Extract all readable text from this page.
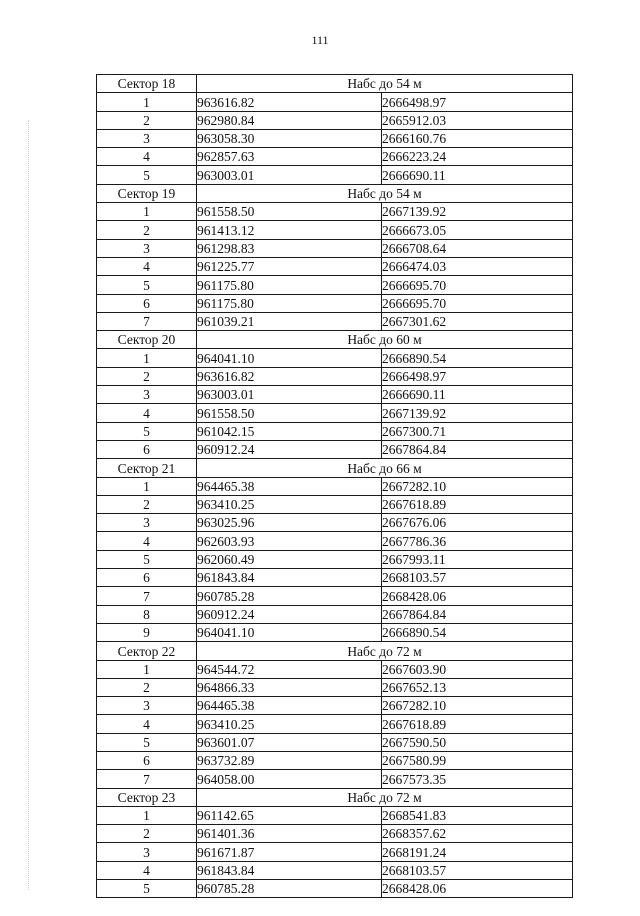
111
Сектор 18	Набс до 54 м	
1	963616.82	2666498.97
2	962980.84	2665912.03
3	963058.30	2666160.76
4	962857.63	2666223.24
5	963003.01	2666690.11
Сектор 19	Набс до 54 м	
1	961558.50	2667139.92
2	961413.12	2666673.05
3	961298.83	2666708.64
4	961225.77	2666474.03
5	961175.80	2666695.70
6	961175.80	2666695.70
7	961039.21	2667301.62
Сектор 20	Набс до 60 м	
1	964041.10	2666890.54
2	963616.82	2666498.97
3	963003.01	2666690.11
4	961558.50	2667139.92
5	961042.15	2667300.71
6	960912.24	2667864.84
Сектор 21	Набс до 66 м	
1	964465.38	2667282.10
2	963410.25	2667618.89
3	963025.96	2667676.06
4	962603.93	2667786.36
5	962060.49	2667993.11
6	961843.84	2668103.57
7	960785.28	2668428.06
8	960912.24	2667864.84
9	964041.10	2666890.54
Сектор 22	Набс до 72 м	
1	964544.72	2667603.90
2	964866.33	2667652.13
3	964465.38	2667282.10
4	963410.25	2667618.89
5	963601.07	2667590.50
6	963732.89	2667580.99
7	964058.00	2667573.35
Сектор 23	Набс до 72 м	
1	961142.65	2668541.83
2	961401.36	2668357.62
3	961671.87	2668191.24
4	961843.84	2668103.57
5	960785.28	2668428.06
